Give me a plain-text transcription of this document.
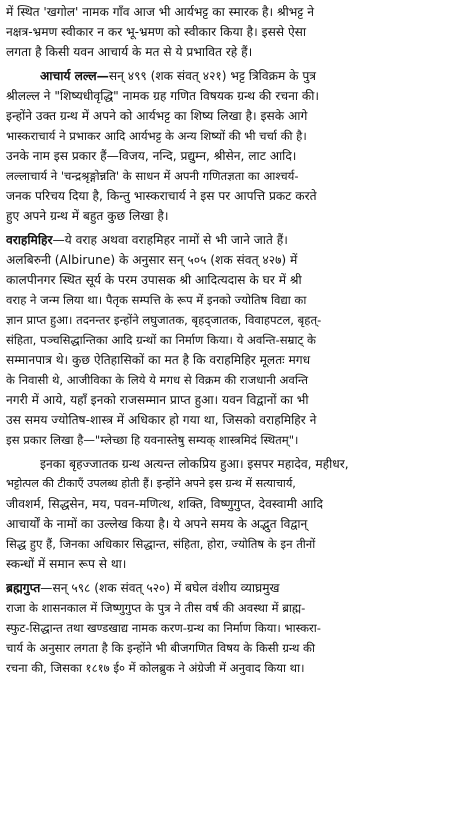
में स्थित 'खगोल' नामक गाँव आज भी आर्यभट्ट का स्मारक है। श्रीभट्ट ने
नक्षत्र-भ्रमण स्वीकार न कर भू-भ्रमण को स्वीकार किया है। इससे ऐसा
लगता है किसी यवन आचार्य के मत से ये प्रभावित रहे हैं।
आचार्य लल्ल—सन् ४९९ (शक संवत् ४२१) भट्ट त्रिविक्रम के पुत्र
श्रीलल्ल ने "शिष्यधीवृद्धि" नामक ग्रह गणित विषयक ग्रन्थ की रचना की।
इन्होंने उक्त ग्रन्थ में अपने को आर्यभट्ट का शिष्य लिखा है। इसके आगे
भास्कराचार्य ने प्रभाकर आदि आर्यभट्ट के अन्य शिष्यों की भी चर्चा की है।
उनके नाम इस प्रकार हैं—विजय, नन्दि, प्रद्युम्न, श्रीसेन, लाट आदि।
लल्लाचार्य ने 'चन्द्रश्रृङ्गोन्नति' के साधन में अपनी गणितज्ञता का आश्चर्य-
जनक परिचय दिया है, किन्तु भास्कराचार्य ने इस पर आपत्ति प्रकट करते
हुए अपने ग्रन्थ में बहुत कुछ लिखा है।
वराहमिहिर—ये वराह अथवा वराहमिहर नामों से भी जाने जाते हैं।
अलबिरुनी (Albirune) के अनुसार सन् ५०५ (शक संवत् ४२७) में
कालपीनगर स्थित सूर्य के परम उपासक श्री आदित्यदास के घर में श्री
वराह ने जन्म लिया था। पैतृक सम्पत्ति के रूप में इनको ज्योतिष विद्या का
ज्ञान प्राप्त हुआ। तदनन्तर इन्होंने लघुजातक, बृहद्जातक, विवाहपटल, बृहत्-
संहिता, पञ्चसिद्धान्तिका आदि ग्रन्थों का निर्माण किया। ये अवन्ति-सम्राट् के
सम्मानपात्र थे। कुछ ऐतिहासिकों का मत है कि वराहमिहिर मूलतः मगध
के निवासी थे, आजीविका के लिये ये मगध से विक्रम की राजधानी अवन्ति
नगरी में आये, यहाँ इनको राजसम्मान प्राप्त हुआ। यवन विद्वानों का भी
उस समय ज्योतिष-शास्त्र में अधिकार हो गया था, जिसको वराहमिहिर ने
इस प्रकार लिखा है—"म्लेच्छा हि यवनास्तेषु सम्यक् शास्त्रमिदं स्थितम्"।
इनका बृहज्जातक ग्रन्थ अत्यन्त लोकप्रिय हुआ। इसपर महादेव, महीधर,
भट्टोत्पल की टीकाएँ उपलब्ध होती हैं। इन्होंने अपने इस ग्रन्थ में सत्याचार्य,
जीवशर्म, सिद्धसेन, मय, पवन-मणित्थ, शक्ति, विष्णुगुप्त, देवस्वामी आदि
आचार्यों के नामों का उल्लेख किया है। ये अपने समय के अद्भुत विद्वान्
सिद्ध हुए हैं, जिनका अधिकार सिद्धान्त, संहिता, होरा, ज्योतिष के इन तीनों
स्कन्धों में समान रूप से था।
ब्रह्मगुप्त—सन् ५९८ (शक संवत् ५२०) में बघेल वंशीय व्याघ्रमुख
राजा के शासनकाल में जिष्णुगुप्त के पुत्र ने तीस वर्ष की अवस्था में ब्राह्म-
स्फुट-सिद्धान्त तथा खण्डखाद्य नामक करण-ग्रन्थ का निर्माण किया। भास्करा-
चार्य के अनुसार लगता है कि इन्होंने भी बीजगणित विषय के किसी ग्रन्थ की
रचना की, जिसका १८१७ ई० में कोलब्रुक ने अंग्रेजी में अनुवाद किया था।
